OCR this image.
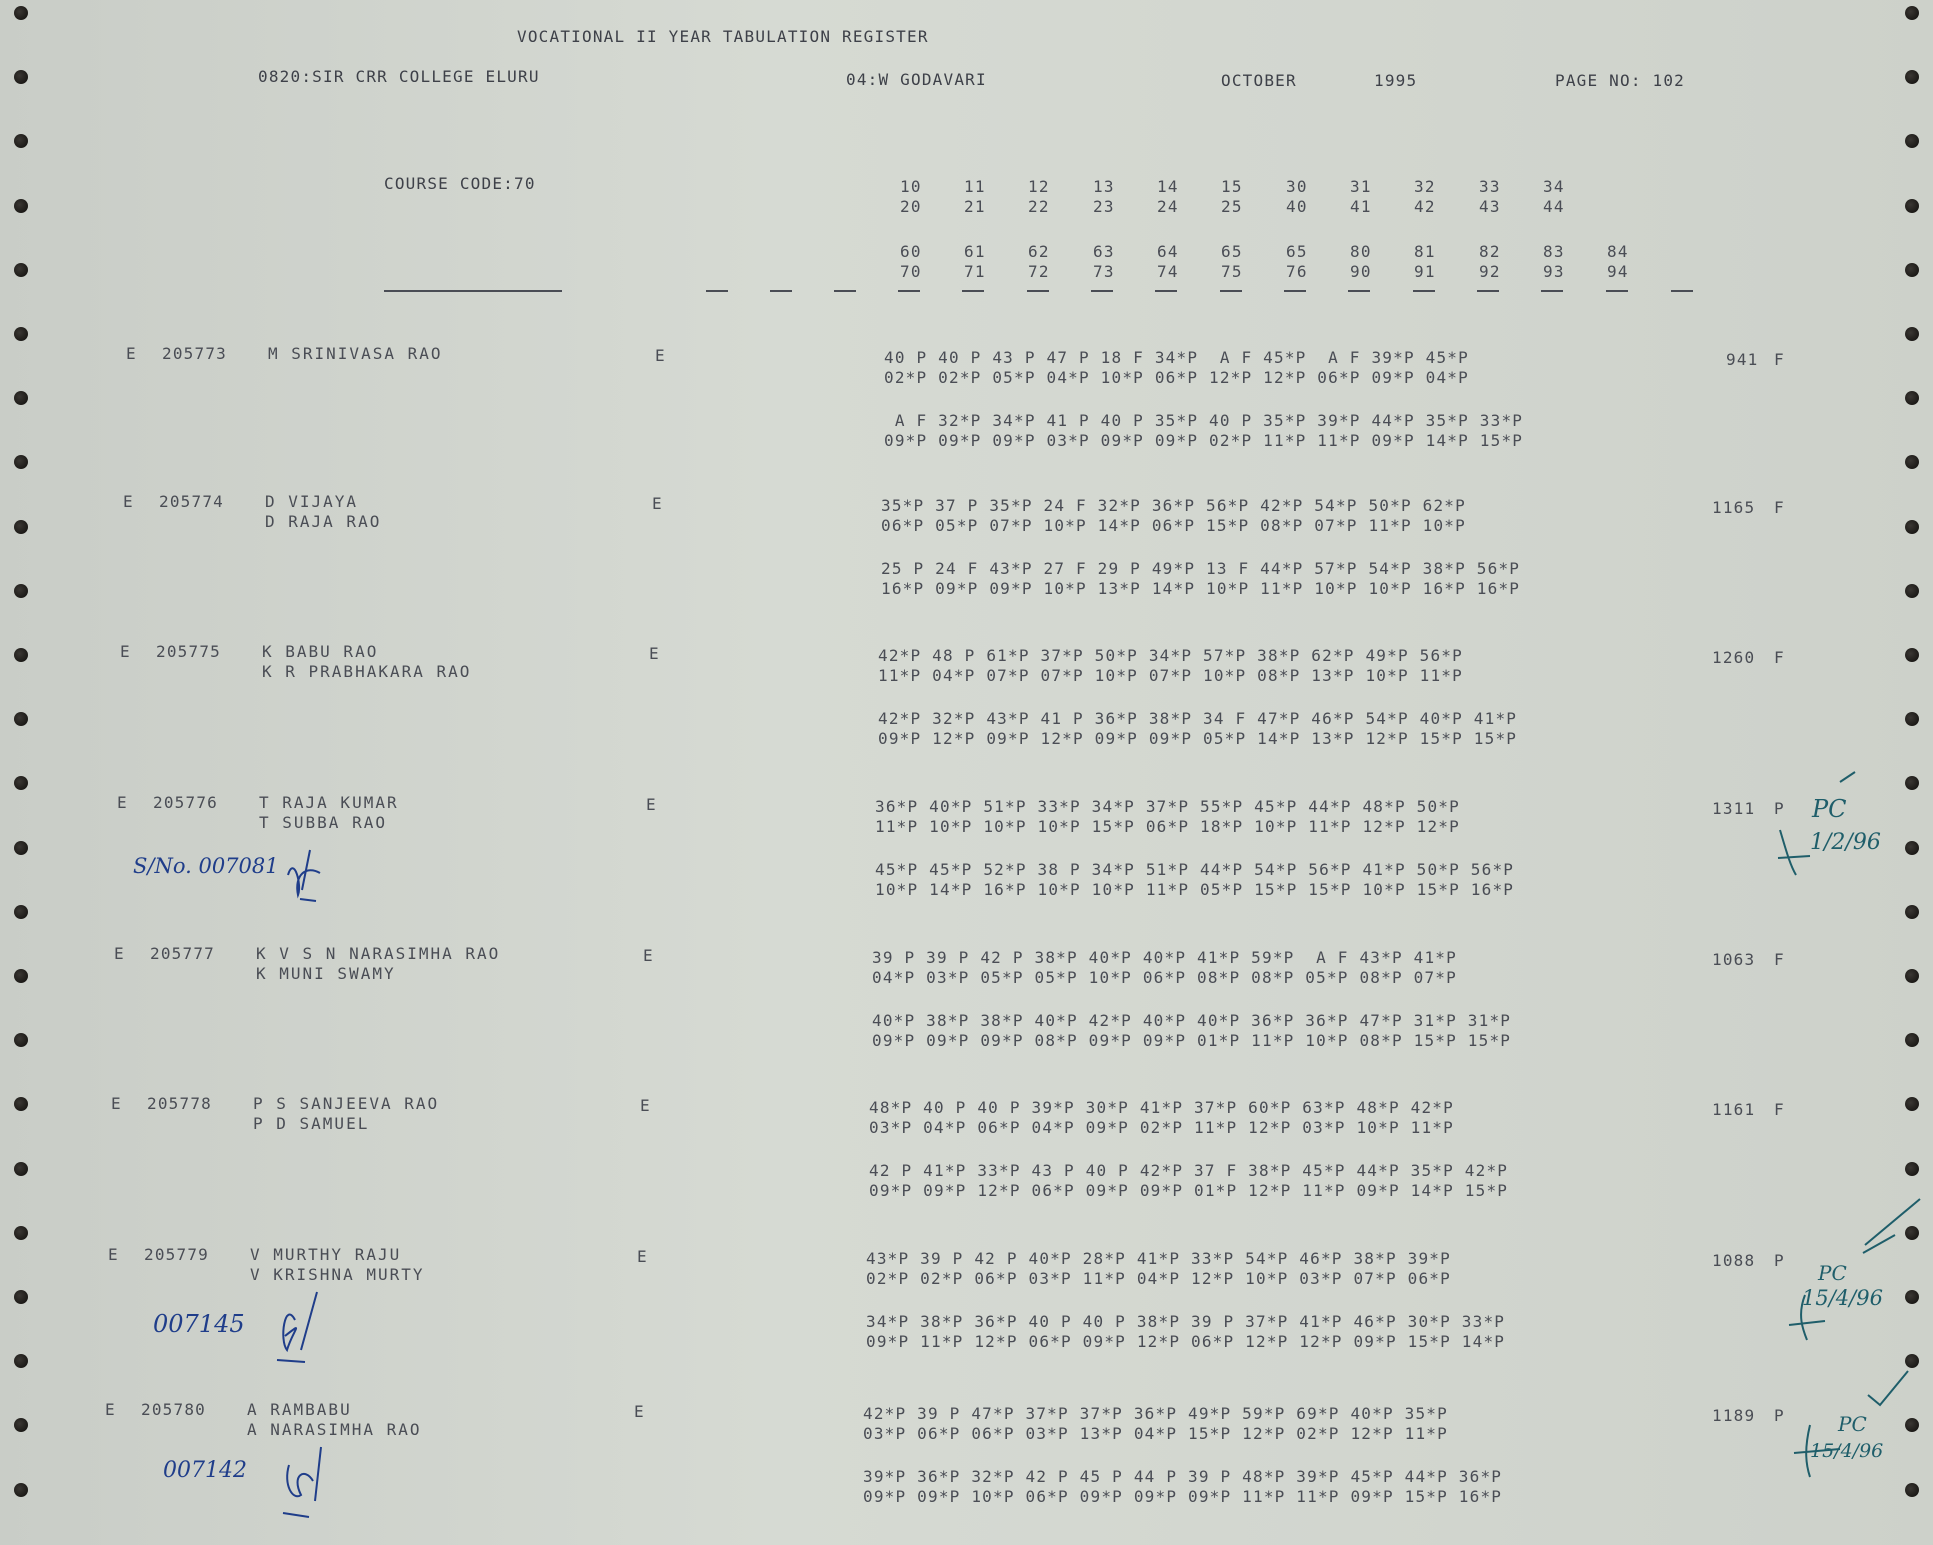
VOCATIONAL II YEAR TABULATION REGISTER
0820:SIR CRR COLLEGE ELURU	04:W GODAVARI	OCTOBER	1995	PAGE NO: 102
COURSE CODE:70	10	11	12	13	14	15	30	31	32	33	34
20	21	22	23	24	25	40	41	42	43	44
60	61	62	63	64	65	65	80	81	82	83	84
70	71	72	73	74	75	76	90	91	92	93	94
E 205773	M SRINIVASA RAO	E	40 P 40 P 43 P 47 P 18 F 34*P  A F 45*P  A F 39*P 45*P
02*P 02*P 05*P 04*P 10*P 06*P 12*P 12*P 06*P 09*P 04*P
A F 32*P 34*P 41 P 40 P 35*P 40 P 35*P 39*P 44*P 35*P 33*P
09*P 09*P 09*P 03*P 09*P 09*P 02*P 11*P 11*P 09*P 14*P 15*P
941 F
E 205774	D VIJAYA
D RAJA RAO
E	35*P 37 P 35*P 24 F 32*P 36*P 56*P 42*P 54*P 50*P 62*P
06*P 05*P 07*P 10*P 14*P 06*P 15*P 08*P 07*P 11*P 10*P
25 P 24 F 43*P 27 F 29 P 49*P 13 F 44*P 57*P 54*P 38*P 56*P
16*P 09*P 09*P 10*P 13*P 14*P 10*P 11*P 10*P 10*P 16*P 16*P
1165 F
E 205775	K BABU RAO
K R PRABHAKARA RAO
E	42*P 48 P 61*P 37*P 50*P 34*P 57*P 38*P 62*P 49*P 56*P
11*P 04*P 07*P 07*P 10*P 07*P 10*P 08*P 13*P 10*P 11*P
42*P 32*P 43*P 41 P 36*P 38*P 34 F 47*P 46*P 54*P 40*P 41*P
09*P 12*P 09*P 12*P 09*P 09*P 05*P 14*P 13*P 12*P 15*P 15*P
1260 F
E 205776	T RAJA KUMAR
T SUBBA RAO
E	36*P 40*P 51*P 33*P 34*P 37*P 55*P 45*P 44*P 48*P 50*P
11*P 10*P 10*P 10*P 15*P 06*P 18*P 10*P 11*P 12*P 12*P
45*P 45*P 52*P 38 P 34*P 51*P 44*P 54*P 56*P 41*P 50*P 56*P
10*P 14*P 16*P 10*P 10*P 11*P 05*P 15*P 15*P 10*P 15*P 16*P
1311 P
E 205777	K V S N NARASIMHA RAO
K MUNI SWAMY
E	39 P 39 P 42 P 38*P 40*P 40*P 41*P 59*P  A F 43*P 41*P
04*P 03*P 05*P 05*P 10*P 06*P 08*P 08*P 05*P 08*P 07*P
40*P 38*P 38*P 40*P 42*P 40*P 40*P 36*P 36*P 47*P 31*P 31*P
09*P 09*P 09*P 08*P 09*P 09*P 01*P 11*P 10*P 08*P 15*P 15*P
1063 F
E 205778	P S SANJEEVA RAO
P D SAMUEL
E	48*P 40 P 40 P 39*P 30*P 41*P 37*P 60*P 63*P 48*P 42*P
03*P 04*P 06*P 04*P 09*P 02*P 11*P 12*P 03*P 10*P 11*P
42 P 41*P 33*P 43 P 40 P 42*P 37 F 38*P 45*P 44*P 35*P 42*P
09*P 09*P 12*P 06*P 09*P 09*P 01*P 12*P 11*P 09*P 14*P 15*P
1161 F
E 205779	V MURTHY RAJU
V KRISHNA MURTY
E	43*P 39 P 42 P 40*P 28*P 41*P 33*P 54*P 46*P 38*P 39*P
02*P 02*P 06*P 03*P 11*P 04*P 12*P 10*P 03*P 07*P 06*P
34*P 38*P 36*P 40 P 40 P 38*P 39 P 37*P 41*P 46*P 30*P 33*P
09*P 11*P 12*P 06*P 09*P 12*P 06*P 12*P 12*P 09*P 15*P 14*P
1088 P
E 205780	A RAMBABU
A NARASIMHA RAO
E	42*P 39 P 47*P 37*P 37*P 36*P 49*P 59*P 69*P 40*P 35*P
03*P 06*P 06*P 03*P 13*P 04*P 15*P 12*P 02*P 12*P 11*P
39*P 36*P 32*P 42 P 45 P 44 P 39 P 48*P 39*P 45*P 44*P 36*P
09*P 09*P 10*P 06*P 09*P 09*P 09*P 11*P 11*P 09*P 15*P 16*P
1189 P
S/No. 007081
007145
007142
PC
1/2/96
PC
15/4/96
PC
15/4/96
